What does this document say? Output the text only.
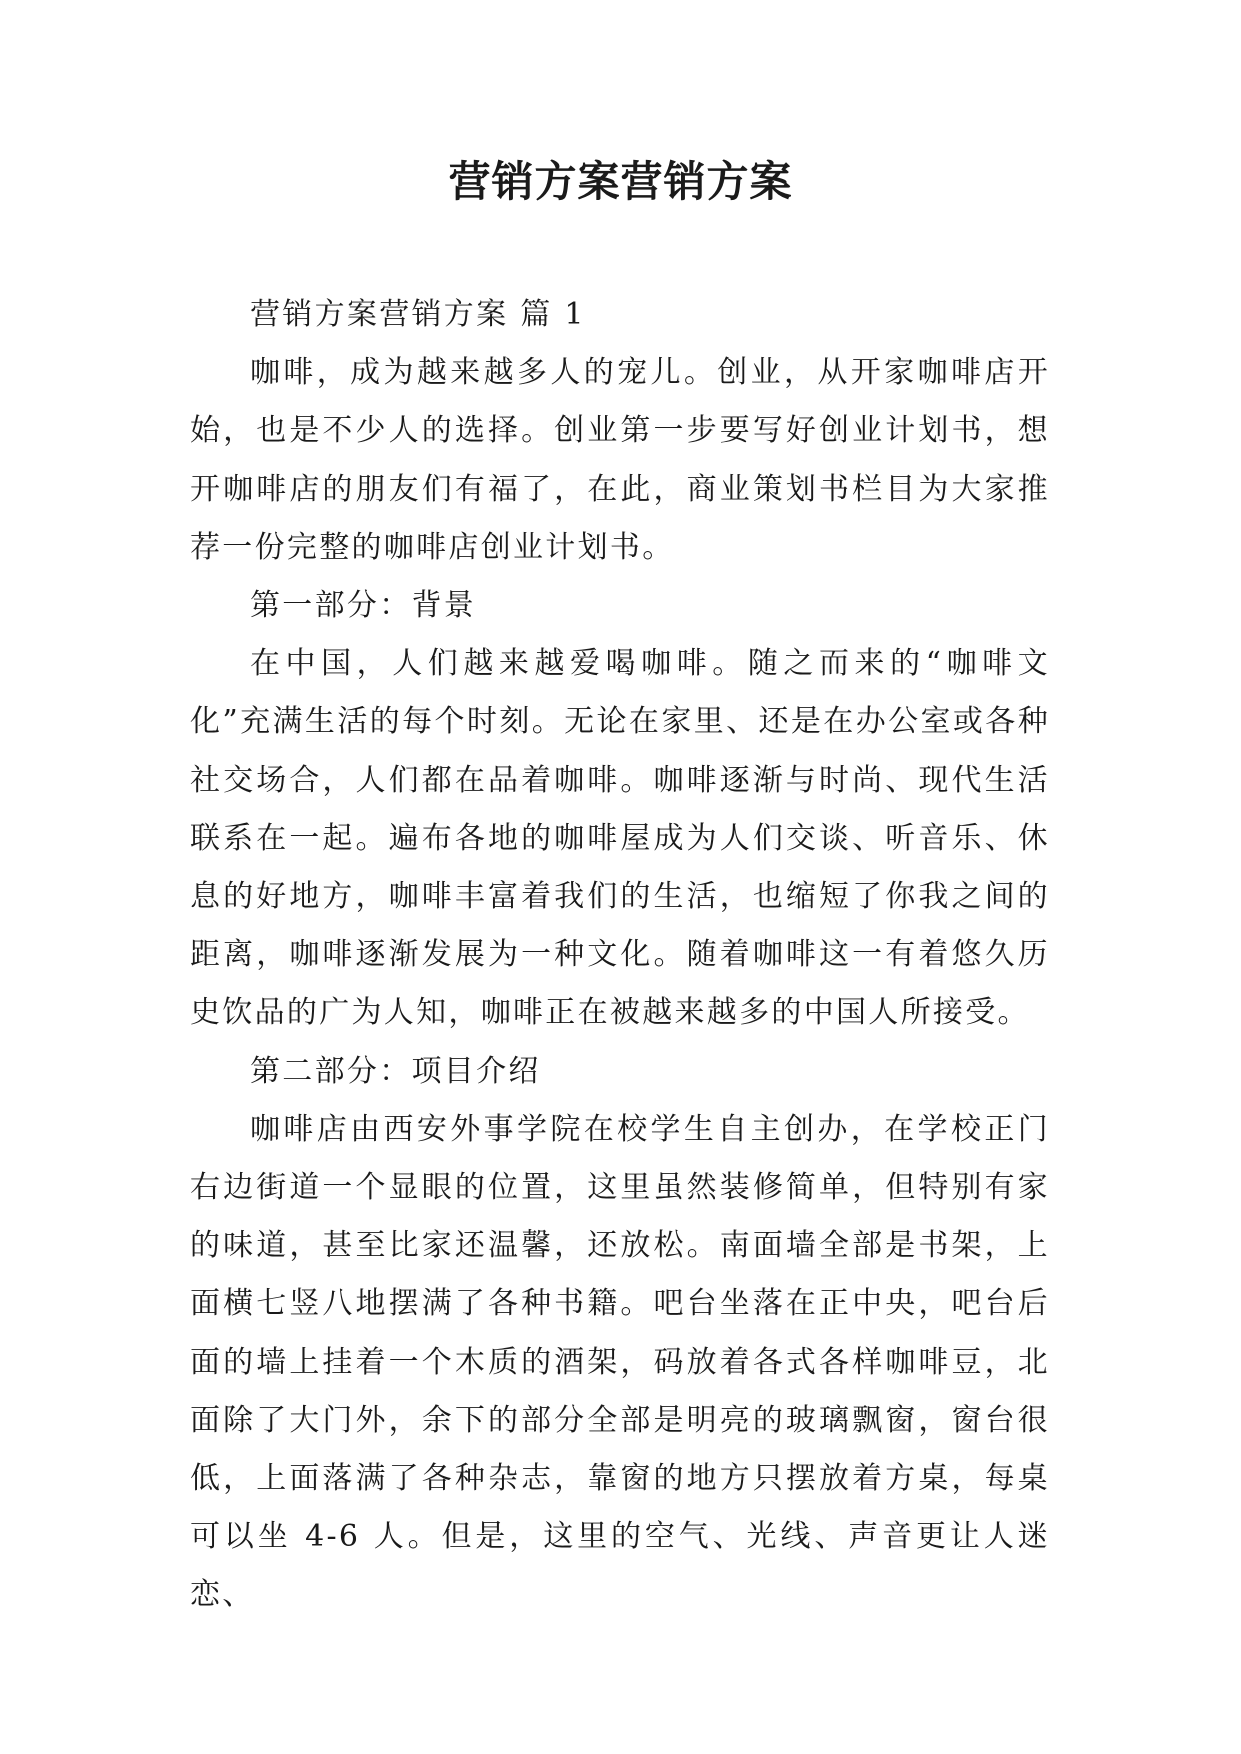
营销方案营销方案

营销方案营销方案 篇 1

咖啡，成为越来越多人的宠儿。创业，从开家咖啡店开始，也是不少人的选择。创业第一步要写好创业计划书，想开咖啡店的朋友们有福了，在此，商业策划书栏目为大家推荐一份完整的咖啡店创业计划书。

第一部分：背景

在中国，人们越来越爱喝咖啡。随之而来的“咖啡文化”充满生活的每个时刻。无论在家里、还是在办公室或各种社交场合，人们都在品着咖啡。咖啡逐渐与时尚、现代生活联系在一起。遍布各地的咖啡屋成为人们交谈、听音乐、休息的好地方，咖啡丰富着我们的生活，也缩短了你我之间的距离，咖啡逐渐发展为一种文化。随着咖啡这一有着悠久历史饮品的广为人知，咖啡正在被越来越多的中国人所接受。

第二部分：项目介绍

咖啡店由西安外事学院在校学生自主创办，在学校正门右边街道一个显眼的位置，这里虽然装修简单，但特别有家的味道，甚至比家还温馨，还放松。南面墙全部是书架，上面横七竖八地摆满了各种书籍。吧台坐落在正中央，吧台后面的墙上挂着一个木质的酒架，码放着各式各样咖啡豆，北面除了大门外，余下的部分全部是明亮的玻璃飘窗，窗台很低，上面落满了各种杂志，靠窗的地方只摆放着方桌，每桌可以坐 4-6 人。但是，这里的空气、光线、声音更让人迷恋、
